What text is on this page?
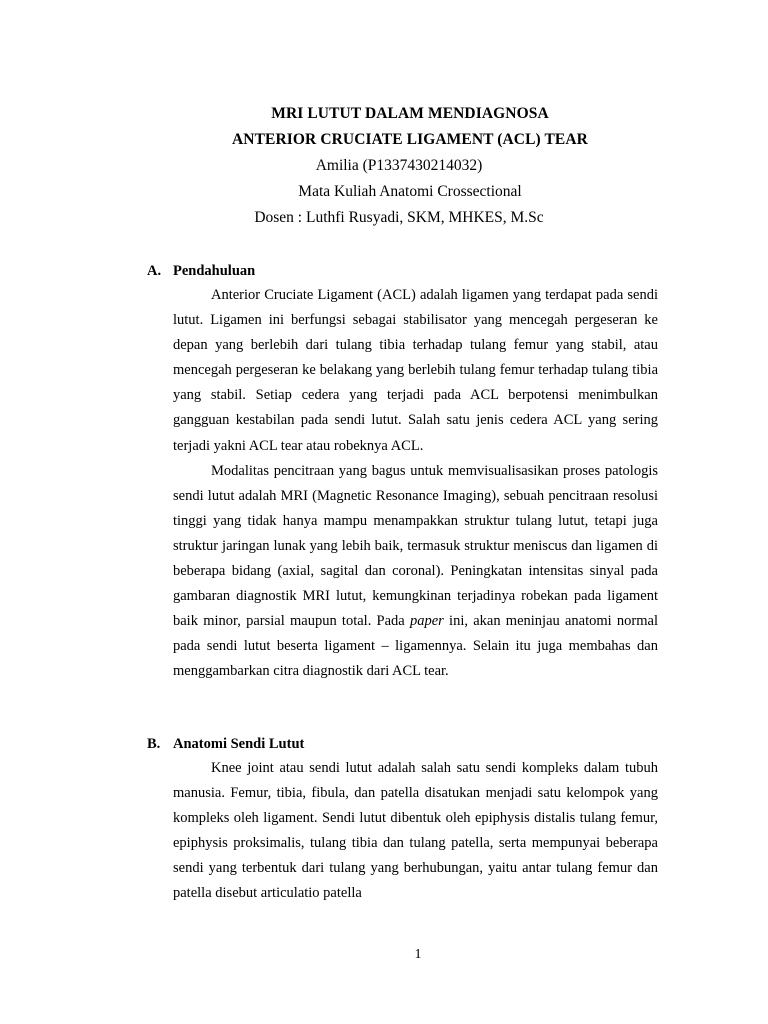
MRI LUTUT DALAM MENDIAGNOSA
ANTERIOR CRUCIATE LIGAMENT (ACL) TEAR
Amilia (P1337430214032)
Mata Kuliah Anatomi Crossectional
Dosen : Luthfi Rusyadi, SKM, MHKES, M.Sc
A. Pendahuluan

Anterior Cruciate Ligament (ACL) adalah ligamen yang terdapat pada sendi lutut. Ligamen ini berfungsi sebagai stabilisator yang mencegah pergeseran ke depan yang berlebih dari tulang tibia terhadap tulang femur yang stabil, atau mencegah pergeseran ke belakang yang berlebih tulang femur terhadap tulang tibia yang stabil. Setiap cedera yang terjadi pada ACL berpotensi menimbulkan gangguan kestabilan pada sendi lutut. Salah satu jenis cedera ACL yang sering terjadi yakni ACL tear atau robeknya ACL.

Modalitas pencitraan yang bagus untuk memvisualisasikan proses patologis sendi lutut adalah MRI (Magnetic Resonance Imaging), sebuah pencitraan resolusi tinggi yang tidak hanya mampu menampakkan struktur tulang lutut, tetapi juga struktur jaringan lunak yang lebih baik, termasuk struktur meniscus dan ligamen di beberapa bidang (axial, sagital dan coronal). Peningkatan intensitas sinyal pada gambaran diagnostik MRI lutut, kemungkinan terjadinya robekan pada ligament baik minor, parsial maupun total. Pada paper ini, akan meninjau anatomi normal pada sendi lutut beserta ligament – ligamennya. Selain itu juga membahas dan menggambarkan citra diagnostik dari ACL tear.

B. Anatomi Sendi Lutut

Knee joint atau sendi lutut adalah salah satu sendi kompleks dalam tubuh manusia. Femur, tibia, fibula, dan patella disatukan menjadi satu kelompok yang kompleks oleh ligament. Sendi lutut dibentuk oleh epiphysis distalis tulang femur, epiphysis proksimalis, tulang tibia dan tulang patella, serta mempunyai beberapa sendi yang terbentuk dari tulang yang berhubungan, yaitu antar tulang femur dan patella disebut articulatio patella

1
